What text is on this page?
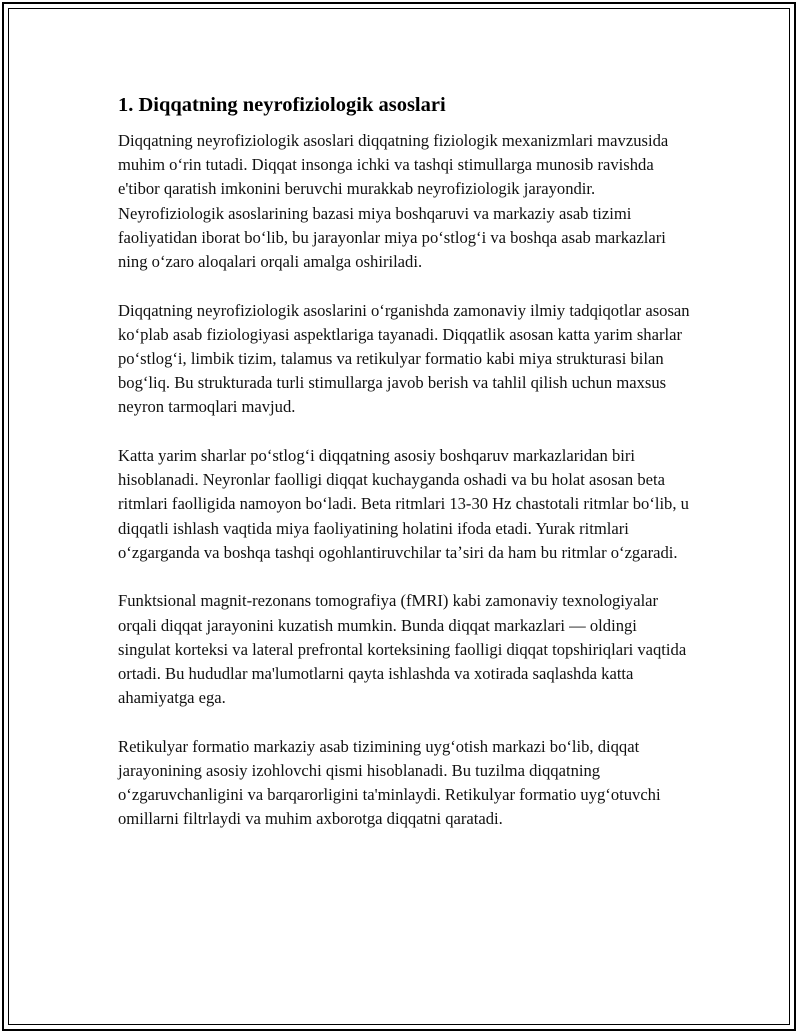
1. Diqqatning neyrofiziologik asoslari

Diqqatning neyrofiziologik asoslari diqqatning fiziologik mexanizmlari mavzusida muhim oʻrin tutadi. Diqqat insonga ichki va tashqi stimullarga munosib ravishda e'tibor qaratish imkonini beruvchi murakkab neyrofiziologik jarayondir. Neyrofiziologik asoslarining bazasi miya boshqaruvi va markaziy asab tizimi faoliyatidan iborat boʻlib, bu jarayonlar miya poʻstlogʻi va boshqa asab markazlari ning oʻzaro aloqalari orqali amalga oshiriladi.

Diqqatning neyrofiziologik asoslarini oʻrganishda zamonaviy ilmiy tadqiqotlar asosan koʻplab asab fiziologiyasi aspektlariga tayanadi. Diqqatlik asosan katta yarim sharlar poʻstlogʻi, limbik tizim, talamus va retikulyar formatio kabi miya strukturasi bilan bogʻliq. Bu strukturada turli stimullarga javob berish va tahlil qilish uchun maxsus neyron tarmoqlari mavjud.

Katta yarim sharlar poʻstlogʻi diqqatning asosiy boshqaruv markazlaridan biri hisoblanadi. Neyronlar faolligi diqqat kuchayganda oshadi va bu holat asosan beta ritmlari faolligida namoyon boʻladi. Beta ritmlari 13-30 Hz chastotali ritmlar boʻlib, u diqqatli ishlash vaqtida miya faoliyatining holatini ifoda etadi. Yurak ritmlari oʻzgarganda va boshqa tashqi ogohlantiruvchilar taʼsiri da ham bu ritmlar oʻzgaradi.

Funktsional magnit-rezonans tomografiya (fMRI) kabi zamonaviy texnologiyalar orqali diqqat jarayonini kuzatish mumkin. Bunda diqqat markazlari — oldingi singulat korteksi va lateral prefrontal korteksining faolligi diqqat topshiriqlari vaqtida ortadi. Bu hududlar ma'lumotlarni qayta ishlashda va xotirada saqlashda katta ahamiyatga ega.

Retikulyar formatio markaziy asab tizimining uygʻotish markazi boʻlib, diqqat jarayonining asosiy izohlovchi qismi hisoblanadi. Bu tuzilma diqqatning oʻzgaruvchanligini va barqarorligini ta'minlaydi. Retikulyar formatio uygʻotuvchi omillarni filtrlaydi va muhim axborotga diqqatni qaratadi.
